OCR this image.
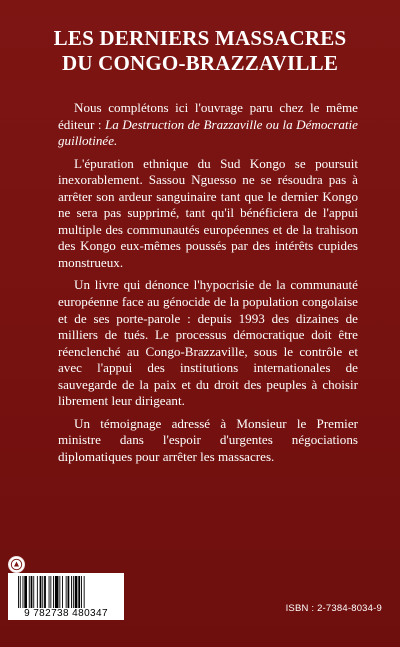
LES DERNIERS MASSACRES
DU CONGO-BRAZZAVILLE

Nous complétons ici l'ouvrage paru chez le même éditeur : La Destruction de Brazzaville ou la Démocratie guillotinée.

L'épuration ethnique du Sud Kongo se poursuit inexorablement. Sassou Nguesso ne se résoudra pas à arrêter son ardeur sanguinaire tant que le dernier Kongo ne sera pas supprimé, tant qu'il bénéficiera de l'appui multiple des communautés européennes et de la trahison des Kongo eux-mêmes poussés par des intérêts cupides monstrueux.

Un livre qui dénonce l'hypocrisie de la communauté européenne face au génocide de la population congolaise et de ses porte-parole : depuis 1993 des dizaines de milliers de tués. Le processus démocratique doit être réenclenché au Congo-Brazzaville, sous le contrôle et avec l'appui des institutions internationales de sauvegarde de la paix et du droit des peuples à choisir librement leur dirigeant.

Un témoignage adressé à Monsieur le Premier ministre dans l'espoir d'urgentes négociations diplomatiques pour arrêter les massacres.

9 782738 480347	ISBN : 2-7384-8034-9
